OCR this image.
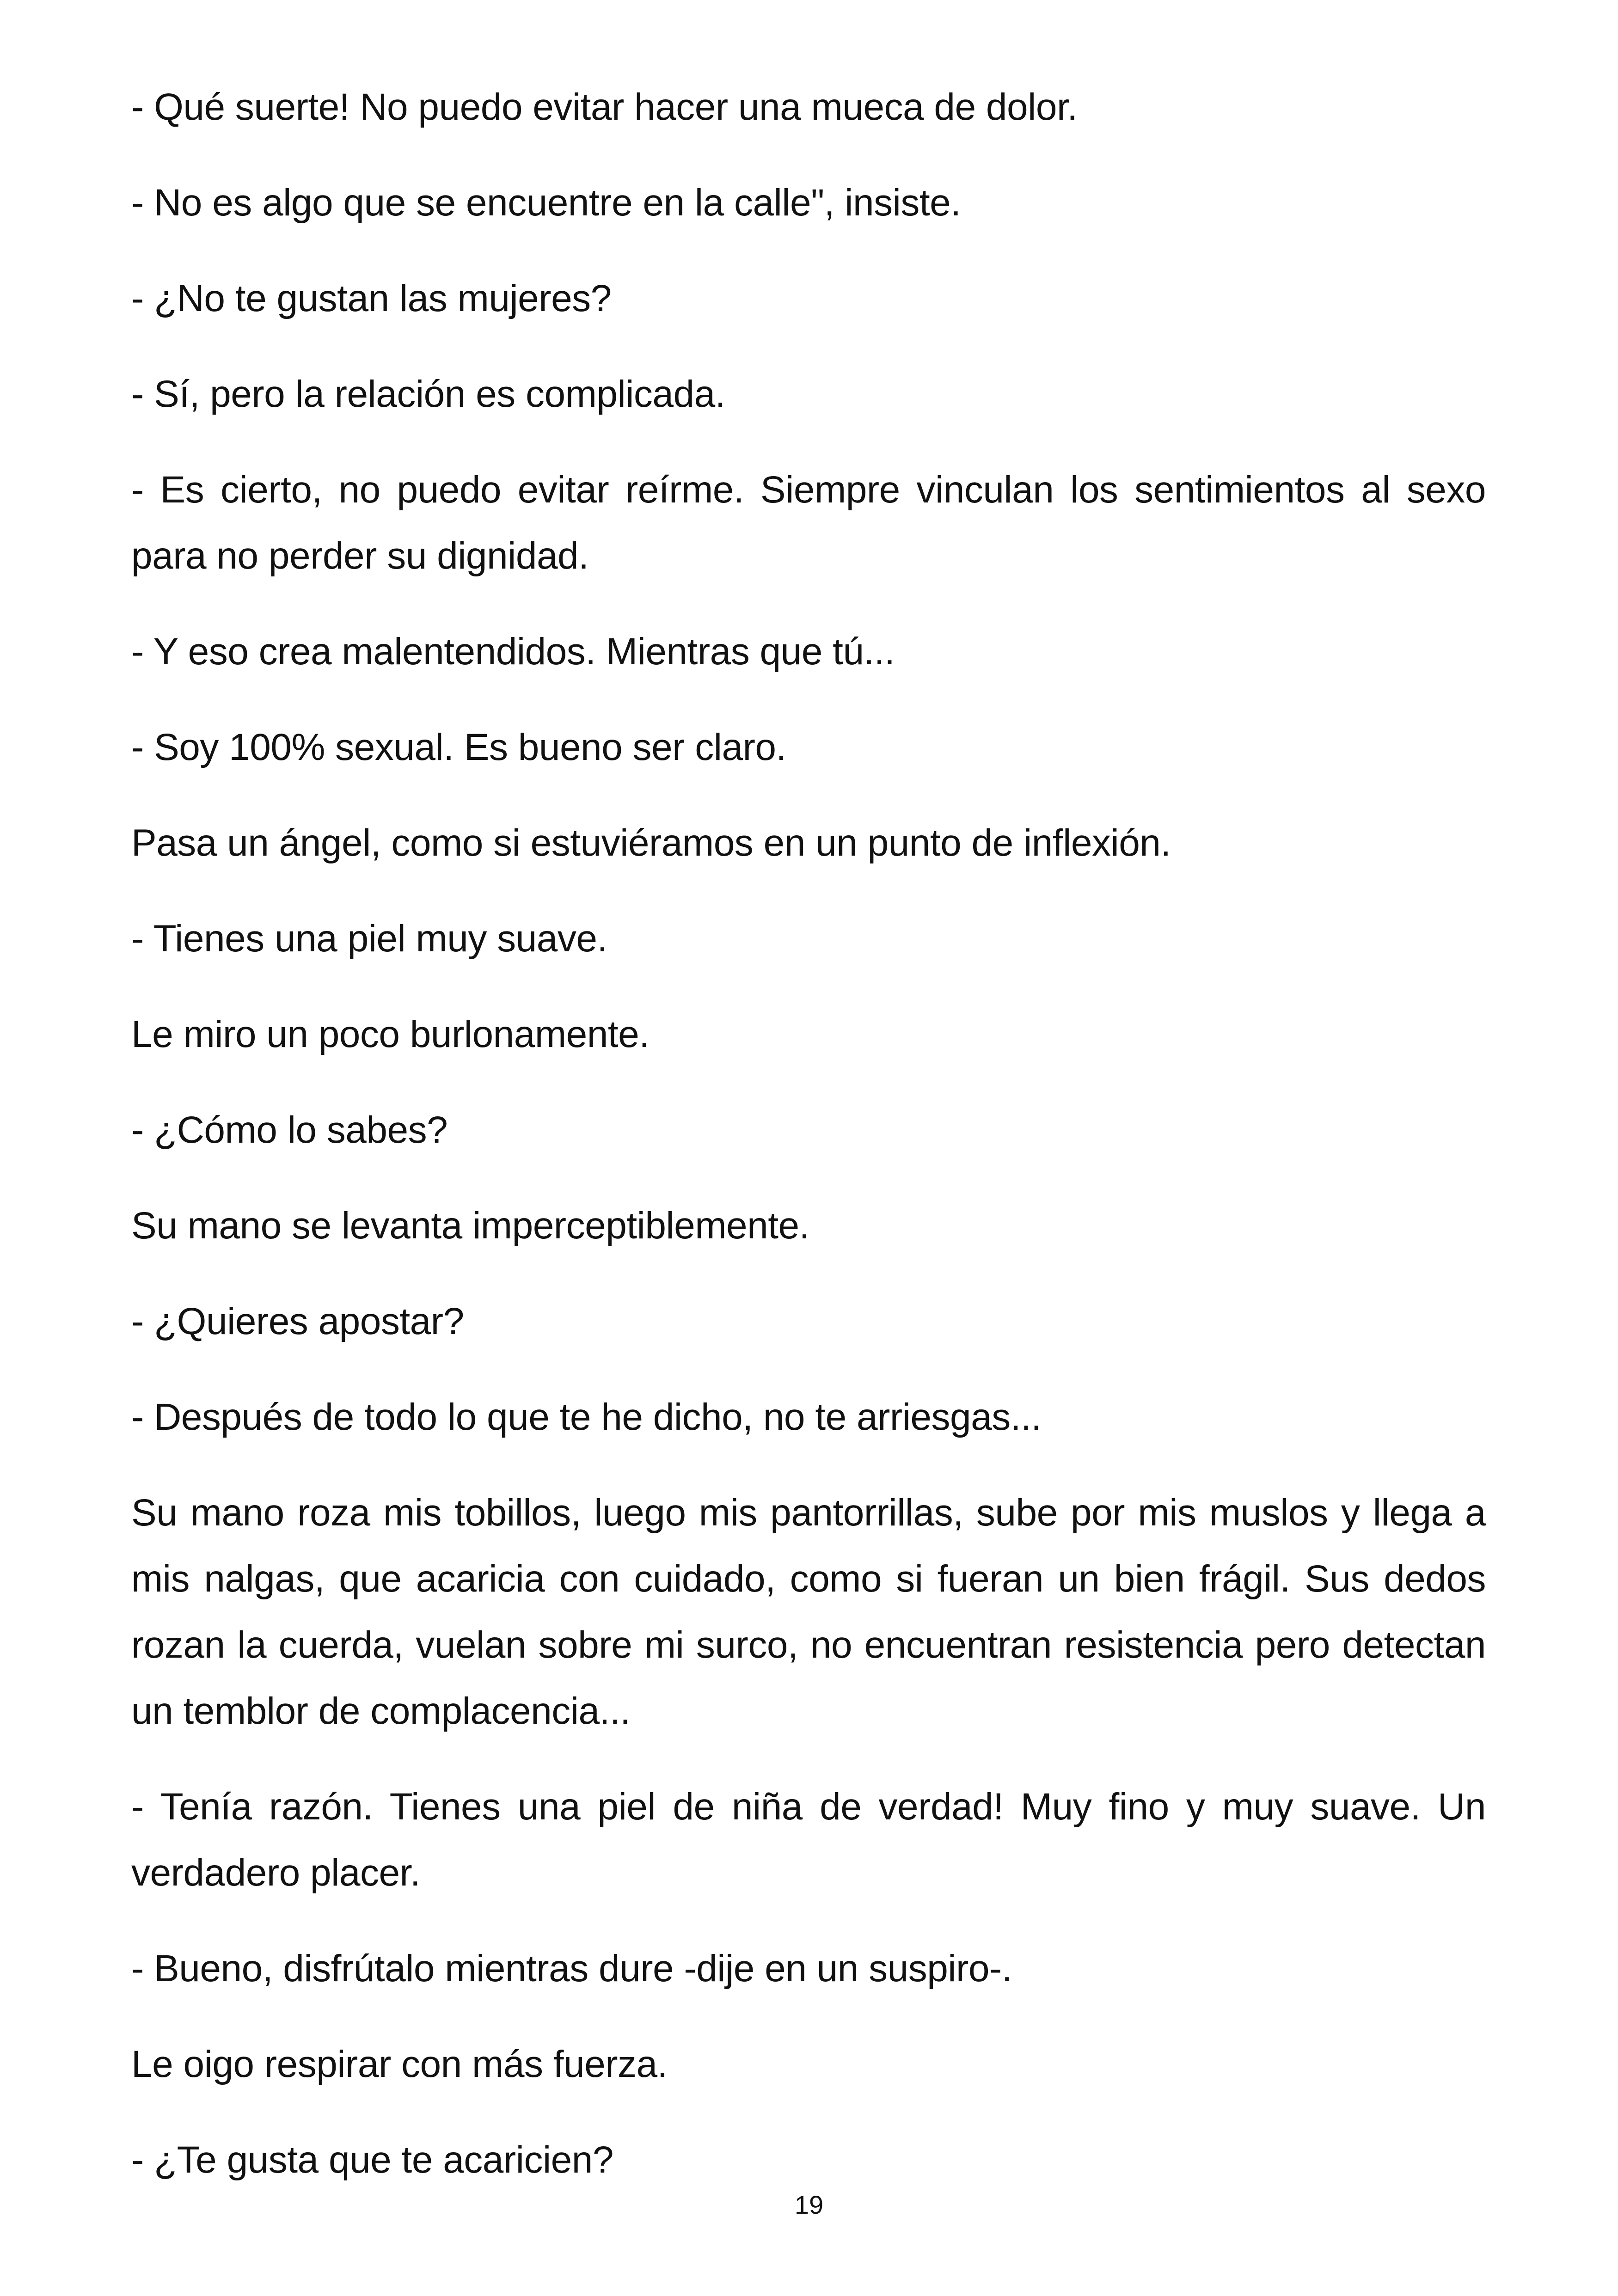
- Qué suerte! No puedo evitar hacer una mueca de dolor.

- No es algo que se encuentre en la calle", insiste.

- ¿No te gustan las mujeres?

- Sí, pero la relación es complicada.

- Es cierto, no puedo evitar reírme. Siempre vinculan los sentimientos al sexo para no perder su dignidad.

- Y eso crea malentendidos. Mientras que tú...

- Soy 100% sexual. Es bueno ser claro.

Pasa un ángel, como si estuviéramos en un punto de inflexión.

- Tienes una piel muy suave.

Le miro un poco burlonamente.

- ¿Cómo lo sabes?

Su mano se levanta imperceptiblemente.

- ¿Quieres apostar?

- Después de todo lo que te he dicho, no te arriesgas...

Su mano roza mis tobillos, luego mis pantorrillas, sube por mis muslos y llega a mis nalgas, que acaricia con cuidado, como si fueran un bien frágil. Sus dedos rozan la cuerda, vuelan sobre mi surco, no encuentran resistencia pero detectan un temblor de complacencia...

- Tenía razón. Tienes una piel de niña de verdad! Muy fino y muy suave. Un verdadero placer.

- Bueno, disfrútalo mientras dure -dije en un suspiro-.

Le oigo respirar con más fuerza.

- ¿Te gusta que te acaricien?

19
